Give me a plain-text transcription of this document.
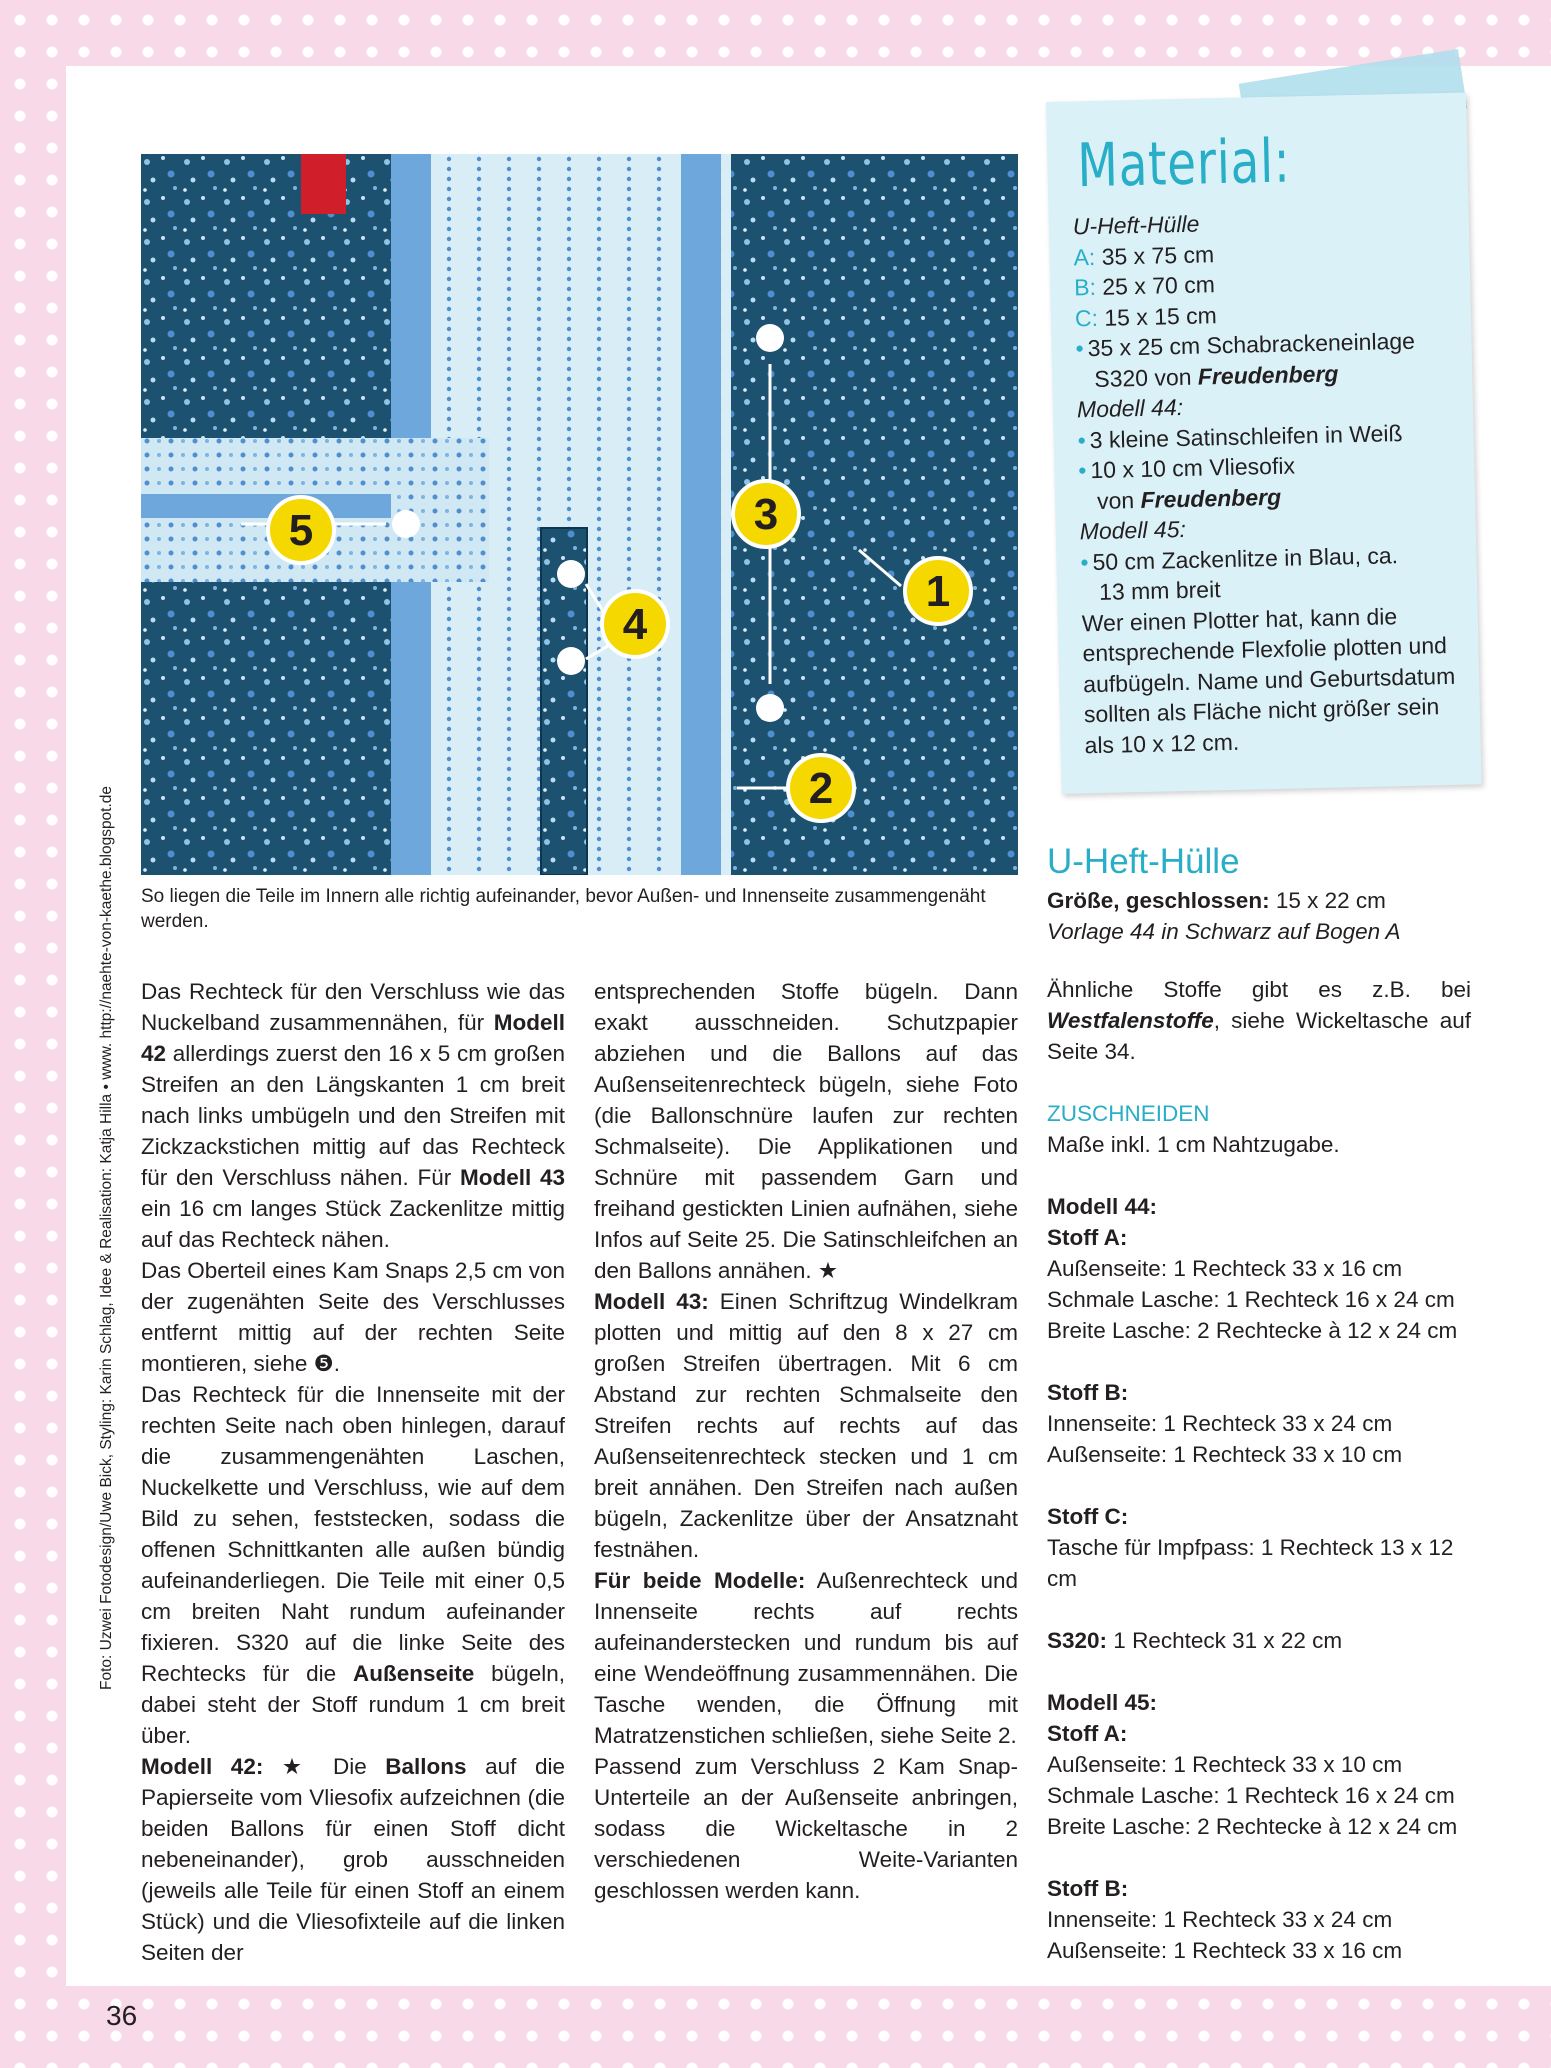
1
2
3
4
5
So liegen die Teile im Innern alle richtig aufeinander, bevor Außen- und Innenseite zusammengenäht werden.
Foto: Uzwei Fotodesign/Uwe Bick, Styling: Karin Schlag, Idee & Realisation: Katja Hilla • www. http://naehte-von-kaethe.blogspot.de
Material:

U-Heft-Hülle

A: 35 x 75 cm

B: 25 x 70 cm

C: 15 x 15 cm

• 35 x 25 cm Schabrackeneinlage

S320 von Freudenberg

Modell 44:

• 3 kleine Satinschleifen in Weiß

• 10 x 10 cm Vliesofix

von Freudenberg

Modell 45:

• 50 cm Zackenlitze in Blau, ca.

13 mm breit

Wer einen Plotter hat, kann die entsprechende Flexfolie plotten und aufbügeln. Name und Geburtsdatum sollten als Fläche nicht größer sein als 10 x 12 cm.

Das Rechteck für den Verschluss wie das Nuckelband zusammennähen, für Modell 42 allerdings zuerst den 16 x 5 cm großen Streifen an den Längskanten 1 cm breit nach links umbügeln und den Streifen mit Zickzackstichen mittig auf das Rechteck für den Verschluss nähen. Für Modell 43 ein 16 cm langes Stück Zackenlitze mittig auf das Rechteck nähen.

Das Oberteil eines Kam Snaps 2,5 cm von der zugenähten Seite des Verschlusses entfernt mittig auf der rechten Seite montieren, siehe ❺.

Das Rechteck für die Innenseite mit der rechten Seite nach oben hinlegen, darauf die zusammengenähten Laschen, Nuckelkette und Verschluss, wie auf dem Bild zu sehen, feststecken, sodass die offenen Schnittkanten alle außen bündig aufeinanderliegen. Die Teile mit einer 0,5 cm breiten Naht rundum aufeinander fixieren. S320 auf die linke Seite des Rechtecks für die Außenseite bügeln, dabei steht der Stoff rundum 1 cm breit über.

Modell 42: ★ Die Ballons auf die Papierseite vom Vliesofix aufzeichnen (die beiden Ballons für einen Stoff dicht nebeneinander), grob ausschneiden (jeweils alle Teile für einen Stoff an einem Stück) und die Vliesofixteile auf die linken Seiten der

entsprechenden Stoffe bügeln. Dann exakt ausschneiden. Schutzpapier abziehen und die Ballons auf das Außenseitenrechteck bügeln, siehe Foto (die Ballonschnüre laufen zur rechten Schmalseite). Die Applikationen und Schnüre mit passendem Garn und freihand gestickten Linien aufnähen, siehe Infos auf Seite 25. Die Satinschleifchen an den Ballons annähen. ★

Modell 43: Einen Schriftzug Windelkram plotten und mittig auf den 8 x 27 cm großen Streifen übertragen. Mit 6 cm Abstand zur rechten Schmalseite den Streifen rechts auf rechts auf das Außenseitenrechteck stecken und 1 cm breit annähen. Den Streifen nach außen bügeln, Zackenlitze über der Ansatznaht festnähen.

Für beide Modelle: Außenrechteck und Innenseite rechts auf rechts aufeinanderstecken und rundum bis auf eine Wendeöffnung zusammennähen. Die Tasche wenden, die Öffnung mit Matratzenstichen schließen, siehe Seite 2.

Passend zum Verschluss 2 Kam Snap-Unterteile an der Außenseite anbringen, sodass die Wickeltasche in 2 verschiedenen Weite-Varianten geschlossen werden kann.

U-Heft-Hülle
Größe, geschlossen: 15 x 22 cm
Vorlage 44 in Schwarz auf Bogen A

Ähnliche Stoffe gibt es z.B. bei Westfalenstoffe, siehe Wickeltasche auf Seite 34.

ZUSCHNEIDEN

Maße inkl. 1 cm Nahtzugabe.

Modell 44:

Stoff A:

Außenseite: 1 Rechteck 33 x 16 cm

Schmale Lasche: 1 Rechteck 16 x 24 cm

Breite Lasche: 2 Rechtecke à 12 x 24 cm

Stoff B:

Innenseite: 1 Rechteck 33 x 24 cm

Außenseite: 1 Rechteck 33 x 10 cm

Stoff C:

Tasche für Impfpass: 1 Rechteck 13 x 12 cm

S320: 1 Rechteck 31 x 22 cm

Modell 45:

Stoff A:

Außenseite: 1 Rechteck 33 x 10 cm

Schmale Lasche: 1 Rechteck 16 x 24 cm

Breite Lasche: 2 Rechtecke à 12 x 24 cm

Stoff B:

Innenseite: 1 Rechteck 33 x 24 cm

Außenseite: 1 Rechteck 33 x 16 cm

36
